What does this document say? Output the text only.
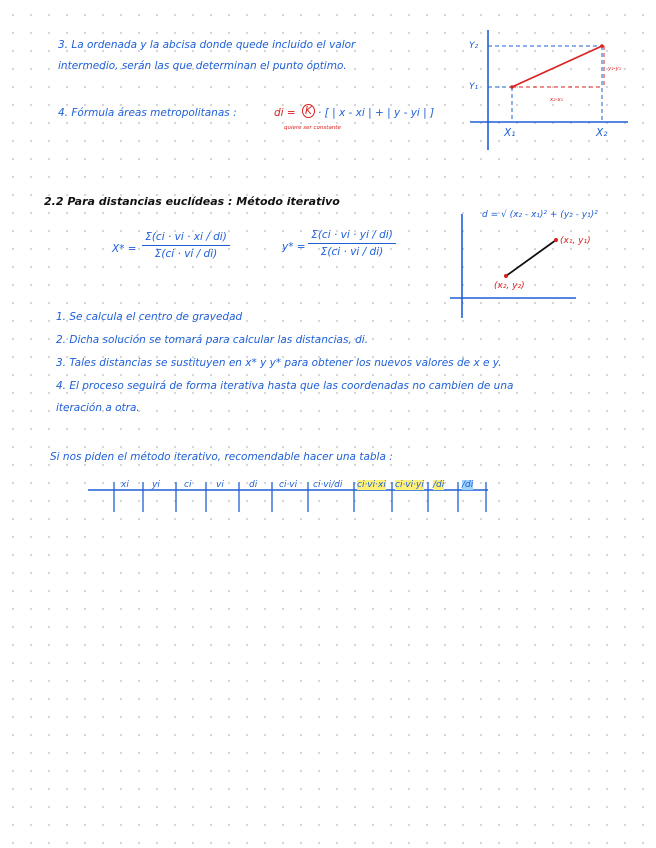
3. La ordenada y la abcisa donde quede incluido el valor
intermedio, serán las que determinan el punto óptimo.
4. Fórmula áreas metropolitanas :	di = K · [ | x - xi | + | y - yi | ]
quiere ser constante
Y₂
Y₁
X₁	X₂
y₂-y₁
x₂-x₁
2.2 Para distancias euclídeas : Método iterativo
X* =
Σ(ci · vi · xi / di)
Σ(ci · vi / di)
y* =
Σ(ci · vi · yi / di)
Σ(ci · vi / di)
d = √ (x₂ - x₁)² + (y₂ - y₁)²
(x₁, y₁)
(x₂, y₂)
1. Se calcula el centro de gravedad
2. Dicha solución se tomará para calcular las distancias, di.
3. Tales distancias se sustituyen en x* y y* para obtener los nuevos valores de x e y.
4. El proceso seguirá de forma iterativa hasta que las coordenadas no cambien de una
iteración a otra.
Si nos piden el método iterativo, recomendable hacer una tabla :
xi	yi	ci	vi	di ci·vi ci·vi/di ci·vi·xi ci·vi·yi /di /di
